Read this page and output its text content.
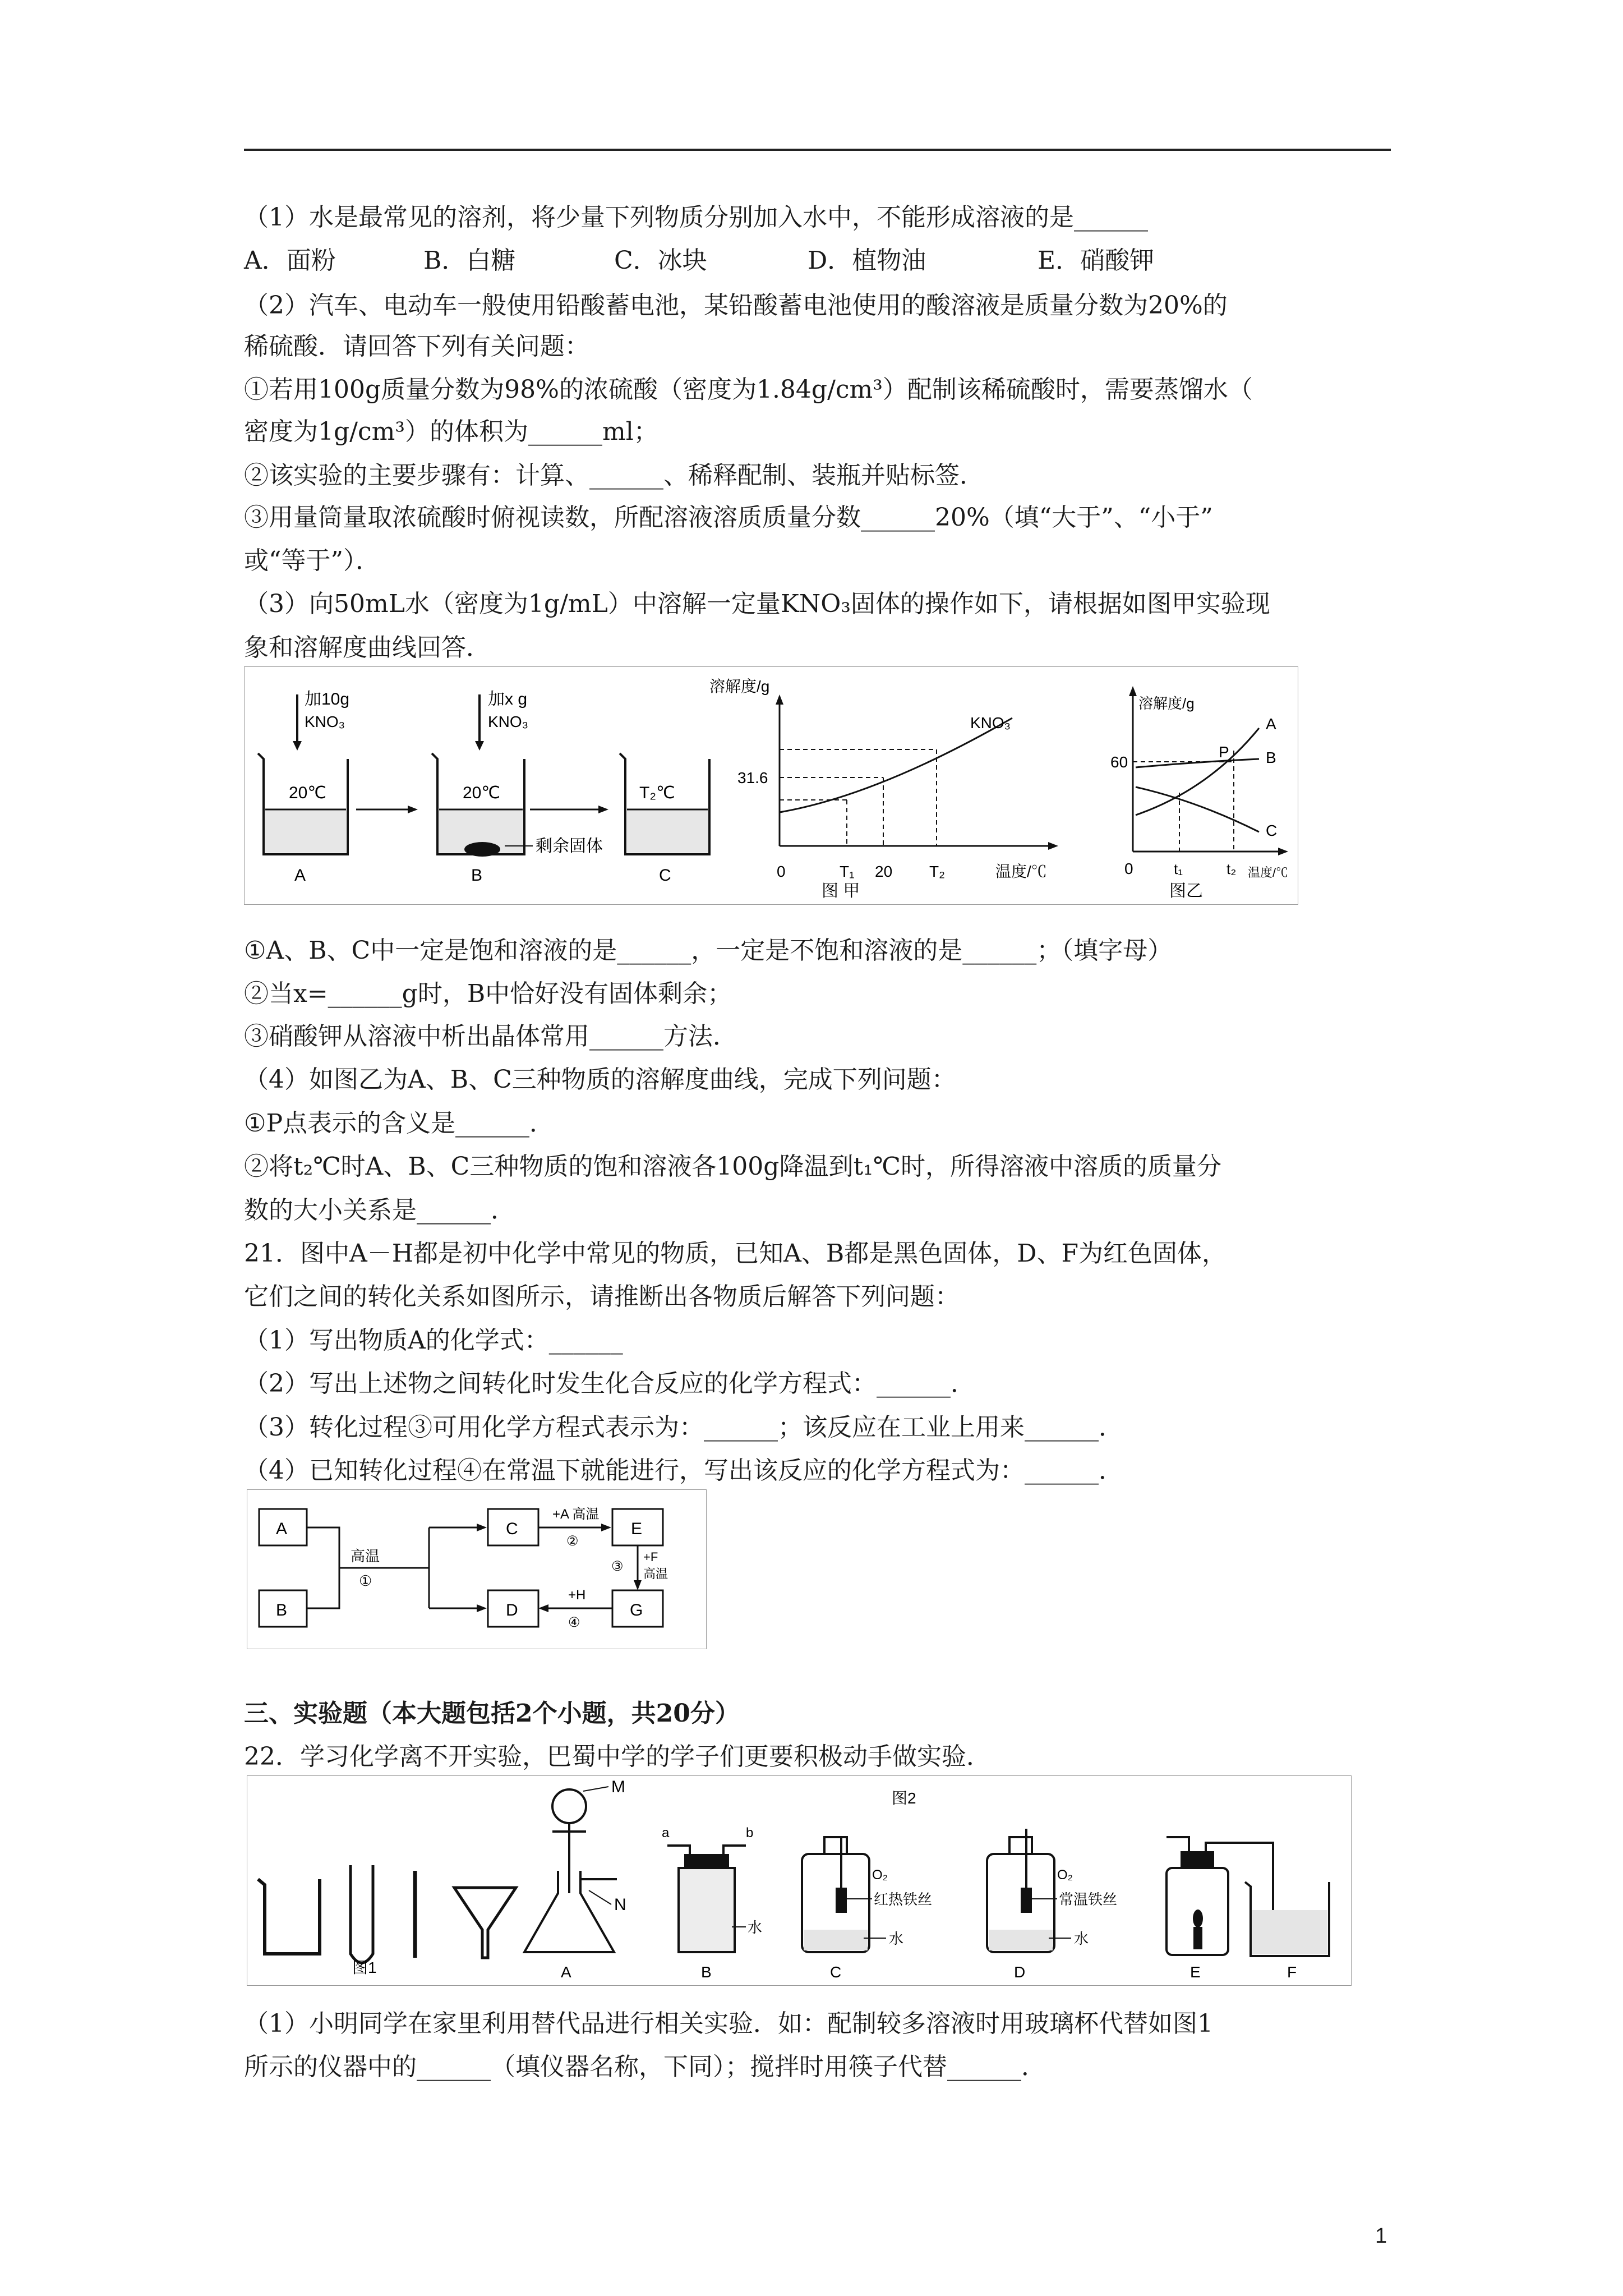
（1）水是最常见的溶剂，将少量下列物质分别加入水中，不能形成溶液的是______
A．面粉	B．白糖	C．冰块	D．植物油	E．硝酸钾
（2）汽车、电动车一般使用铅酸蓄电池，某铅酸蓄电池使用的酸溶液是质量分数为20%的
稀硫酸．请回答下列有关问题：
①若用100g质量分数为98%的浓硫酸（密度为1.84g/cm³）配制该稀硫酸时，需要蒸馏水（
密度为1g/cm³）的体积为______ml；
②该实验的主要步骤有：计算、______、稀释配制、装瓶并贴标签．
③用量筒量取浓硫酸时俯视读数，所配溶液溶质质量分数______20%（填“大于”、“小于”
或“等于”）．
（3）向50mL水（密度为1g/mL）中溶解一定量KNO₃固体的操作如下，请根据如图甲实验现
象和溶解度曲线回答．
加10g
KNO₃
20℃
A
加x g
KNO₃
20℃
剩余固体
B
T₂℃
C
图 甲
溶解度/g
KNO₃
31.6
0	T₁ 20 T₂	温度/℃
溶解度/g
60
P
A
B
C
0	t₁	t₂ 温度/℃
图乙
①A、B、C中一定是饱和溶液的是______，一定是不饱和溶液的是______；（填字母）
②当x=______g时，B中恰好没有固体剩余；
③硝酸钾从溶液中析出晶体常用______方法．
（4）如图乙为A、B、C三种物质的溶解度曲线，完成下列问题：
①P点表示的含义是______．
②将t₂℃时A、B、C三种物质的饱和溶液各100g降温到t₁℃时，所得溶液中溶质的质量分
数的大小关系是______．
21．图中A－H都是初中化学中常见的物质，已知A、B都是黑色固体，D、F为红色固体，
它们之间的转化关系如图所示，请推断出各物质后解答下列问题：
（1）写出物质A的化学式：______
（2）写出上述物之间转化时发生化合反应的化学方程式：______．
（3）转化过程③可用化学方程式表示为：______；该反应在工业上用来______．
（4）已知转化过程④在常温下就能进行，写出该反应的化学方程式为：______．
A
B
高温
①
C
+A 高温
②
E
③
+F
高温
G
+H
④
D
三、实验题（本大题包括2个小题，共20分）
22．学习化学离不开实验，巴蜀中学的学子们更要积极动手做实验．
图1
M
N
A
a	b
水
B
图2
O₂
红热铁丝
水
C
O₂
常温铁丝
水
D	E	F
（1）小明同学在家里利用替代品进行相关实验．如：配制较多溶液时用玻璃杯代替如图1
所示的仪器中的______（填仪器名称，下同）；搅拌时用筷子代替______．
1
